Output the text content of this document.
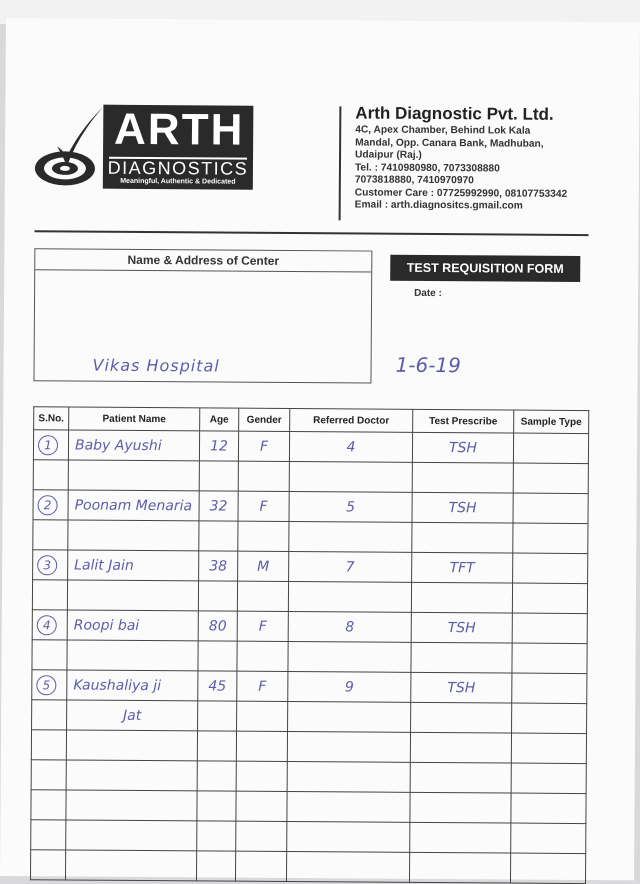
ARTH
DIAGNOSTICS
Meaningful, Authentic & Dedicated
Arth Diagnostic Pvt. Ltd.
4C, Apex Chamber, Behind Lok Kala
Mandal, Opp. Canara Bank, Madhuban,
Udaipur (Raj.)
Tel. : 7410980980, 7073308880
7073818880, 7410970970
Customer Care : 07725992990, 08107753342
Email : arth.diagnositcs.gmail.com
Name & Address of Center
Vikas Hospital
TEST REQUISITION FORM
Date :
1-6-19
S.No.	Patient Name	Age	Gender	Referred Doctor	Test Prescribe	Sample Type
1	Baby Ayushi	12	F	4	TSH	

2	Poonam Menaria	32	F	5	TSH	

3	Lalit Jain	38	M	7	TFT	

4	Roopi bai	80	F	8	TSH	

5	Kaushaliya ji	45	F	9	TSH	
	Jat					
